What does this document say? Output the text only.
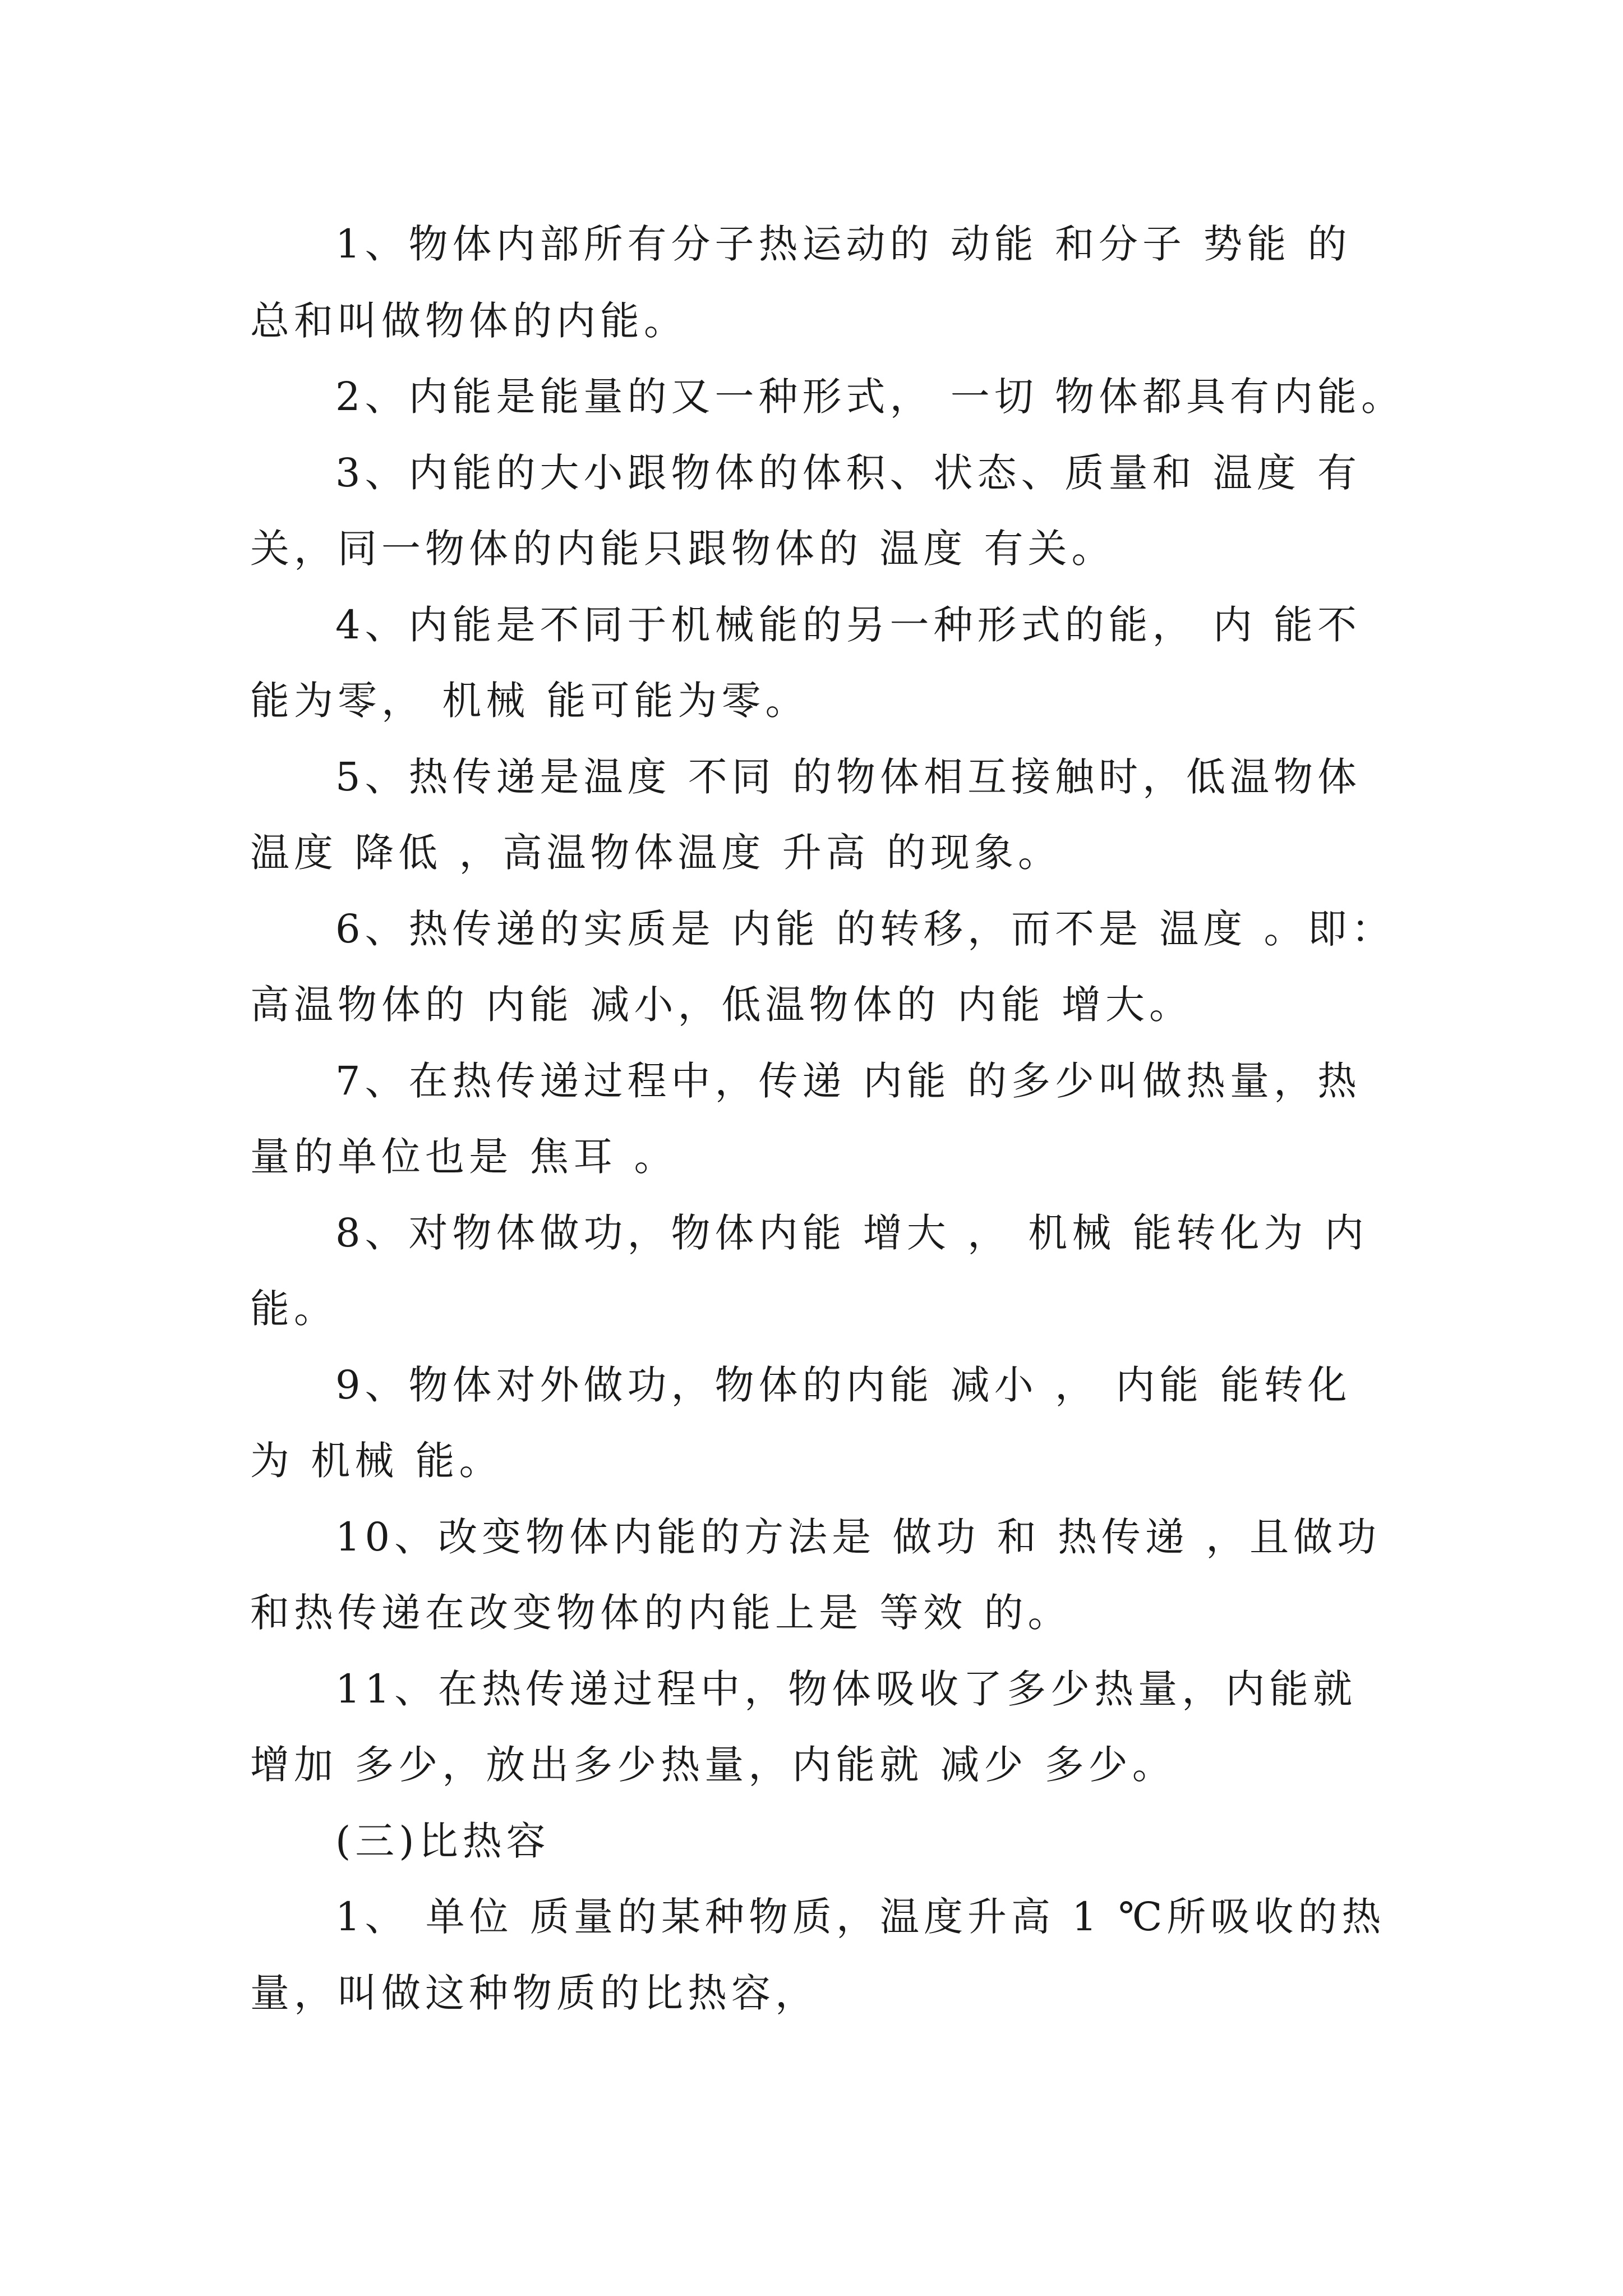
1、物体内部所有分子热运动的 动能 和分子 势能 的
总和叫做物体的内能。
2、内能是能量的又一种形式， 一切 物体都具有内能。
3、内能的大小跟物体的体积、状态、质量和 温度 有
关，同一物体的内能只跟物体的 温度 有关。
4、内能是不同于机械能的另一种形式的能， 内 能不
能为零， 机械 能可能为零。
5、热传递是温度 不同 的物体相互接触时，低温物体
温度 降低 ，高温物体温度 升高 的现象。
6、热传递的实质是 内能 的转移，而不是 温度 。即：
高温物体的 内能 减小，低温物体的 内能 增大。
7、在热传递过程中，传递 内能 的多少叫做热量，热
量的单位也是 焦耳 。
8、对物体做功，物体内能 增大 ， 机械 能转化为 内
能。
9、物体对外做功，物体的内能 减小 ， 内能 能转化
为 机械 能。
10、改变物体内能的方法是 做功 和 热传递 ，且做功
和热传递在改变物体的内能上是 等效 的。
11、在热传递过程中，物体吸收了多少热量，内能就
增加 多少，放出多少热量，内能就 减少 多少。
(三)比热容
1、 单位 质量的某种物质，温度升高 1 ℃所吸收的热
量，叫做这种物质的比热容，
